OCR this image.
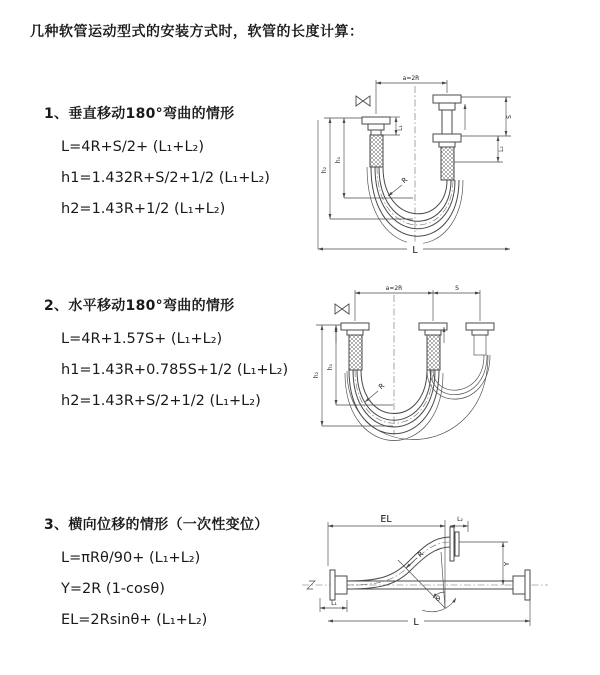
几种软管运动型式的安装方式时，软管的长度计算：
1、垂直移动180°弯曲的情形
L=4R+S/2+ (L₁+L₂)
h1=1.432R+S/2+1/2 (L₁+L₂)
h2=1.43R+1/2 (L₁+L₂)
a=2R
L₁
S
L₂
h₁
h₂
R
L
2、水平移动180°弯曲的情形
L=4R+1.57S+ (L₁+L₂)
h1=1.43R+0.785S+1/2 (L₁+L₂)
h2=1.43R+S/2+1/2 (L₁+L₂)
a=2R	S
h₁
h₂
R
3、横向位移的情形（一次性变位）
L=πRθ/90+ (L₁+L₂)
Y=2R (1-cosθ)
EL=2Rsinθ+ (L₁+L₂)
θ
R
EL	L₂
Y
L₁
L
